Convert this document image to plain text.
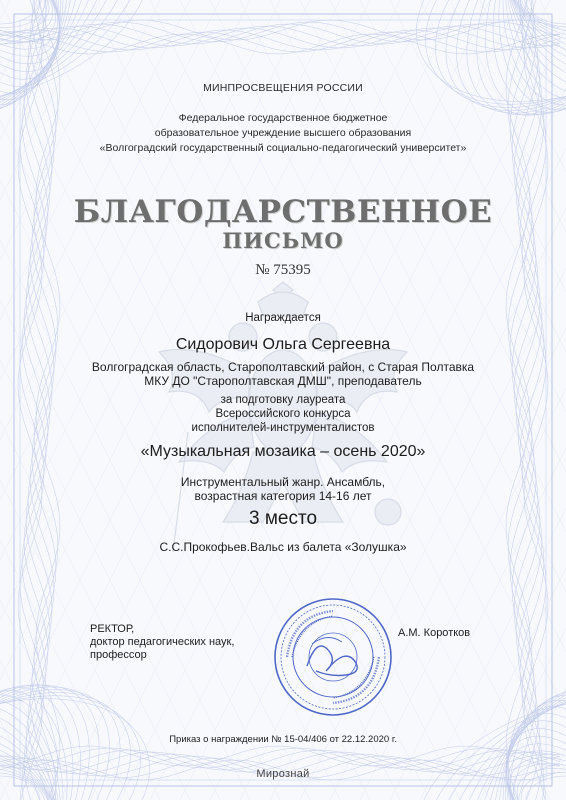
МИНПРОСВЕЩЕНИЯ РОССИИ
Федеральное государственное бюджетное
образовательное учреждение высшего образования
«Волгоградский государственный социально-педагогический университет»
БЛАГОДАРСТВЕННОЕ
ПИСЬМО
№ 75395
Награждается
Сидорович Ольга Сергеевна
Волгоградская область, Старополтавский район, с Старая Полтавка
МКУ ДО "Старополтавская ДМШ", преподаватель
за подготовку лауреата
Всероссийского конкурса
исполнителей-инструменталистов
«Музыкальная мозаика – осень 2020»
Инструментальный жанр. Ансамбль,
возрастная категория 14-16 лет
3 место
С.С.Прокофьев.Вальс из балета «Золушка»
РЕКТОР,
доктор педагогических наук,
профессор
А.М. Коротков
Приказ о награждении № 15-04/406 от 22.12.2020 г.
Мирознай
